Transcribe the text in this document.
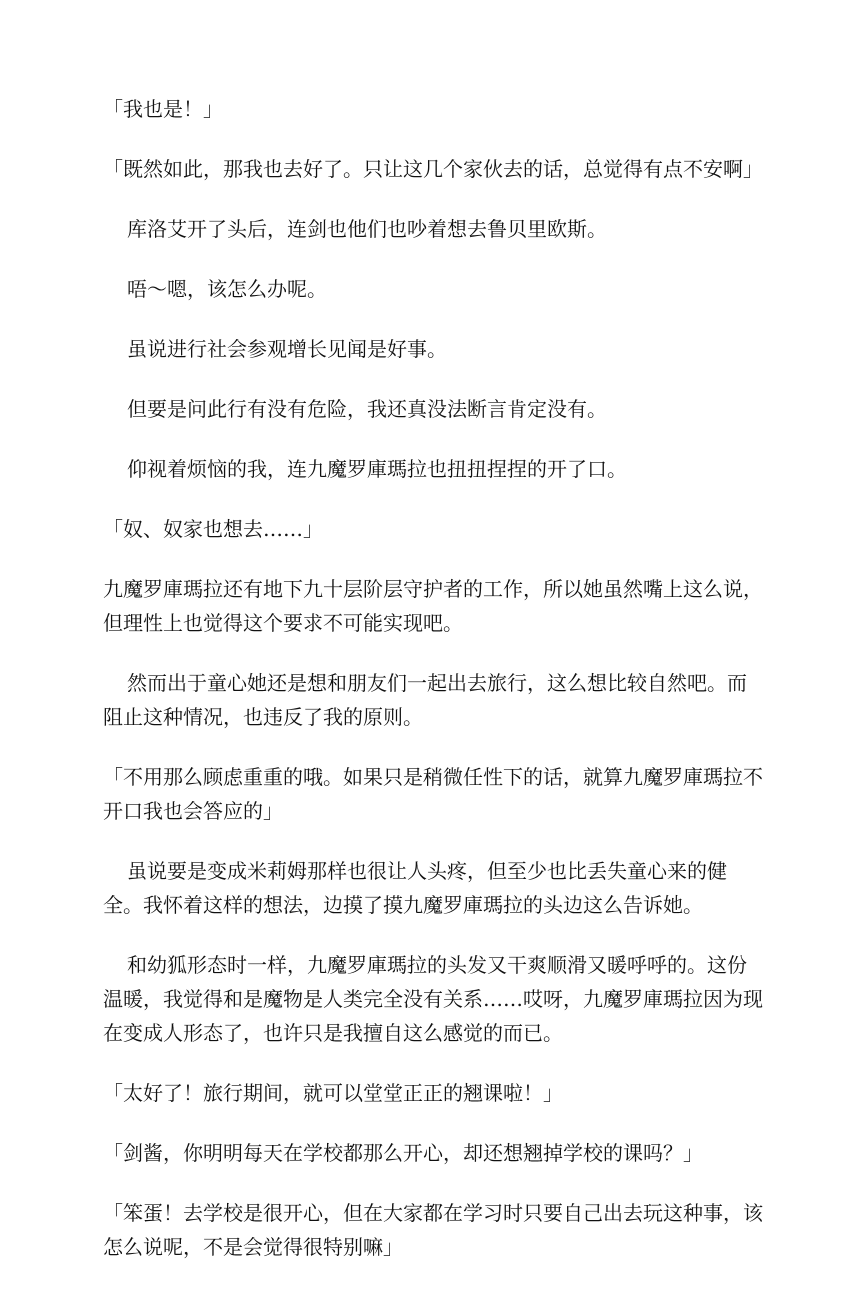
「我也是！」

「既然如此，那我也去好了。只让这几个家伙去的话，总觉得有点不安啊」

库洛艾开了头后，连剑也他们也吵着想去鲁贝里欧斯。

唔～嗯，该怎么办呢。

虽说进行社会参观增长见闻是好事。

但要是问此行有没有危险，我还真没法断言肯定没有。

仰视着烦恼的我，连九魔罗庫瑪拉也扭扭捏捏的开了口。

「奴、奴家也想去……」

九魔罗庫瑪拉还有地下九十层阶层守护者的工作，所以她虽然嘴上这么说，但理性上也觉得这个要求不可能实现吧。

然而出于童心她还是想和朋友们一起出去旅行，这么想比较自然吧。而阻止这种情况，也违反了我的原则。

「不用那么顾虑重重的哦。如果只是稍微任性下的话，就算九魔罗庫瑪拉不开口我也会答应的」

虽说要是变成米莉姆那样也很让人头疼，但至少也比丢失童心来的健全。我怀着这样的想法，边摸了摸九魔罗庫瑪拉的头边这么告诉她。

和幼狐形态时一样，九魔罗庫瑪拉的头发又干爽顺滑又暖呼呼的。这份温暖，我觉得和是魔物是人类完全没有关系……哎呀，九魔罗庫瑪拉因为现在变成人形态了，也许只是我擅自这么感觉的而已。

「太好了！旅行期间，就可以堂堂正正的翘课啦！」

「剑酱，你明明每天在学校都那么开心，却还想翘掉学校的课吗？」

「笨蛋！去学校是很开心，但在大家都在学习时只要自己出去玩这种事，该怎么说呢，不是会觉得很特别嘛」
